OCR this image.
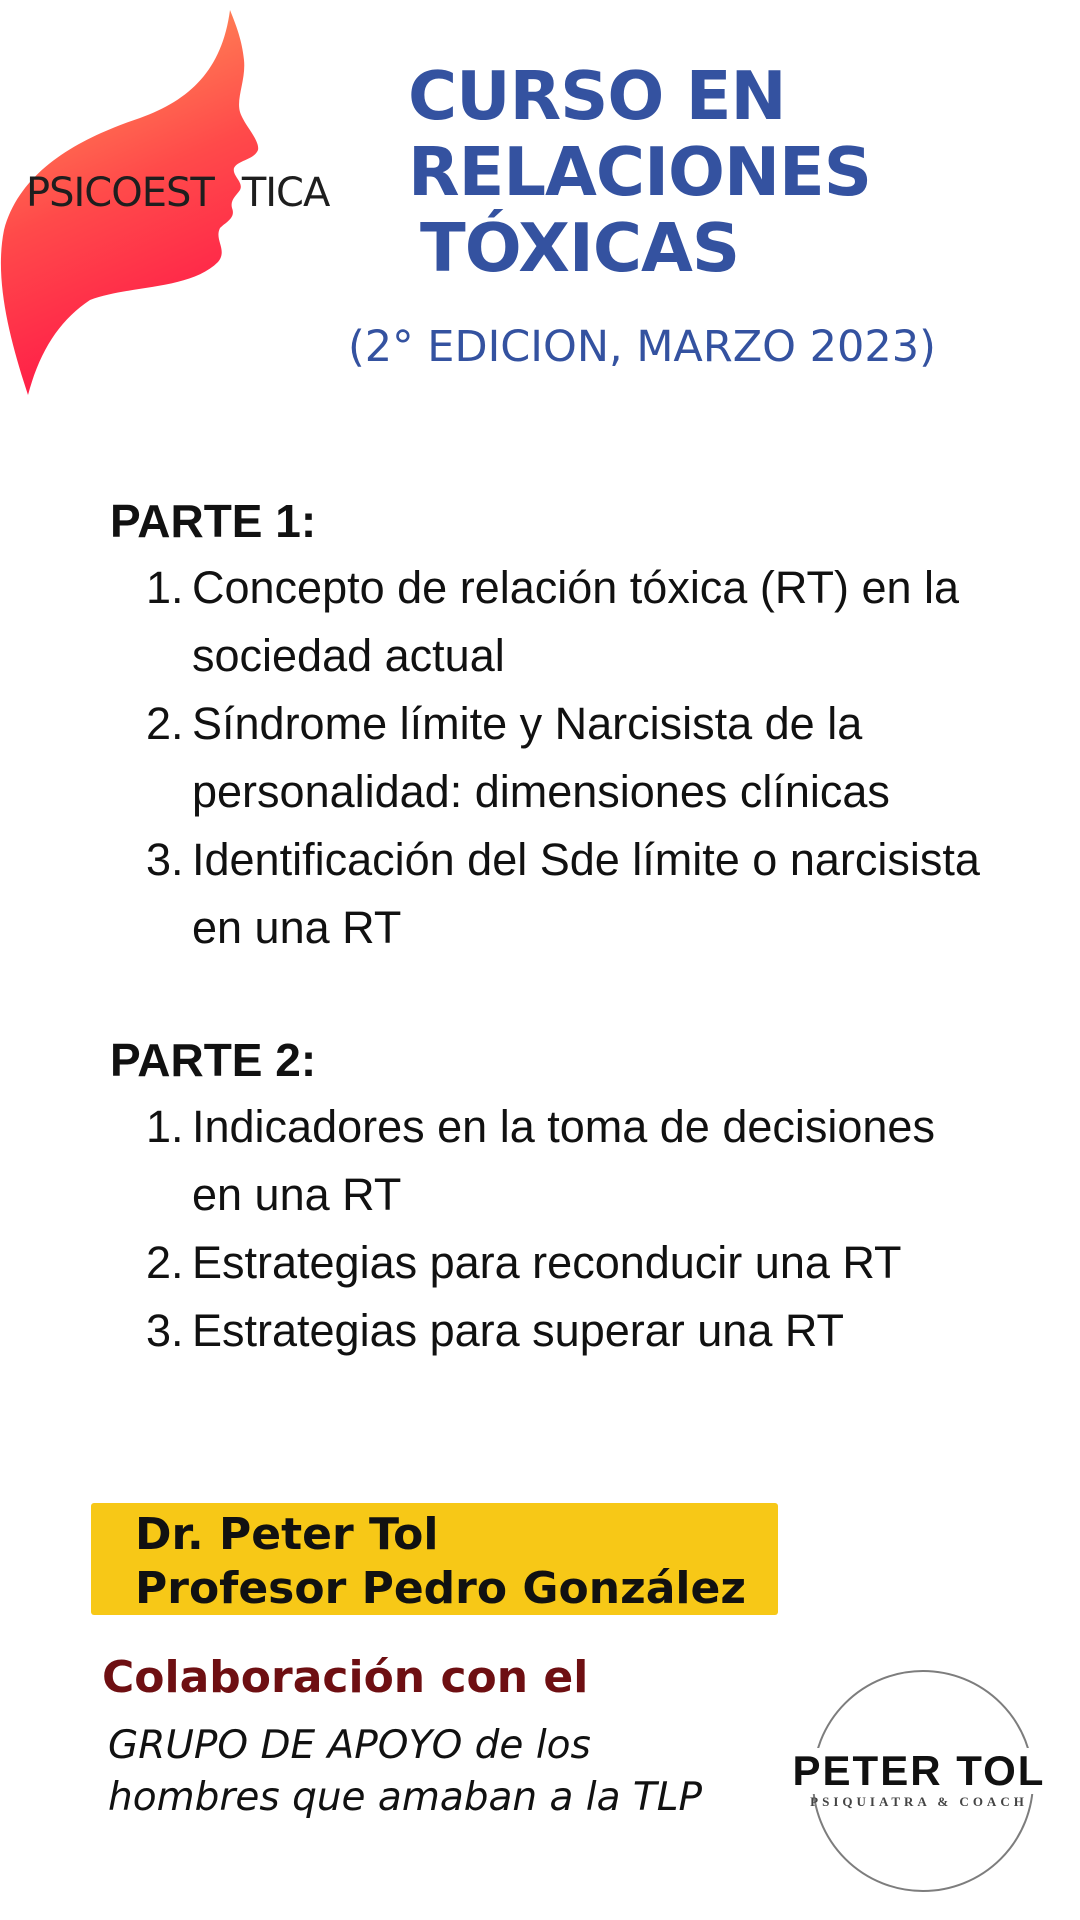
PSICOEST TICA
CURSO EN
RELACIONES
TÓXICAS
(2° EDICION, MARZO 2023)
PARTE 1:
1. Concepto de relación tóxica (RT) en la sociedad actual
2. Síndrome límite y Narcisista de la personalidad: dimensiones clínicas
3. Identificación del Sde límite o narcisista en una RT
PARTE 2:
1. Indicadores en la toma de decisiones en una RT
2. Estrategias para reconducir una RT
3. Estrategias para superar una RT
Dr. Peter Tol
Profesor Pedro González
Colaboración con el
GRUPO DE APOYO de los
hombres que amaban a la TLP
PETER TOL
PSIQUIATRA & COACH
